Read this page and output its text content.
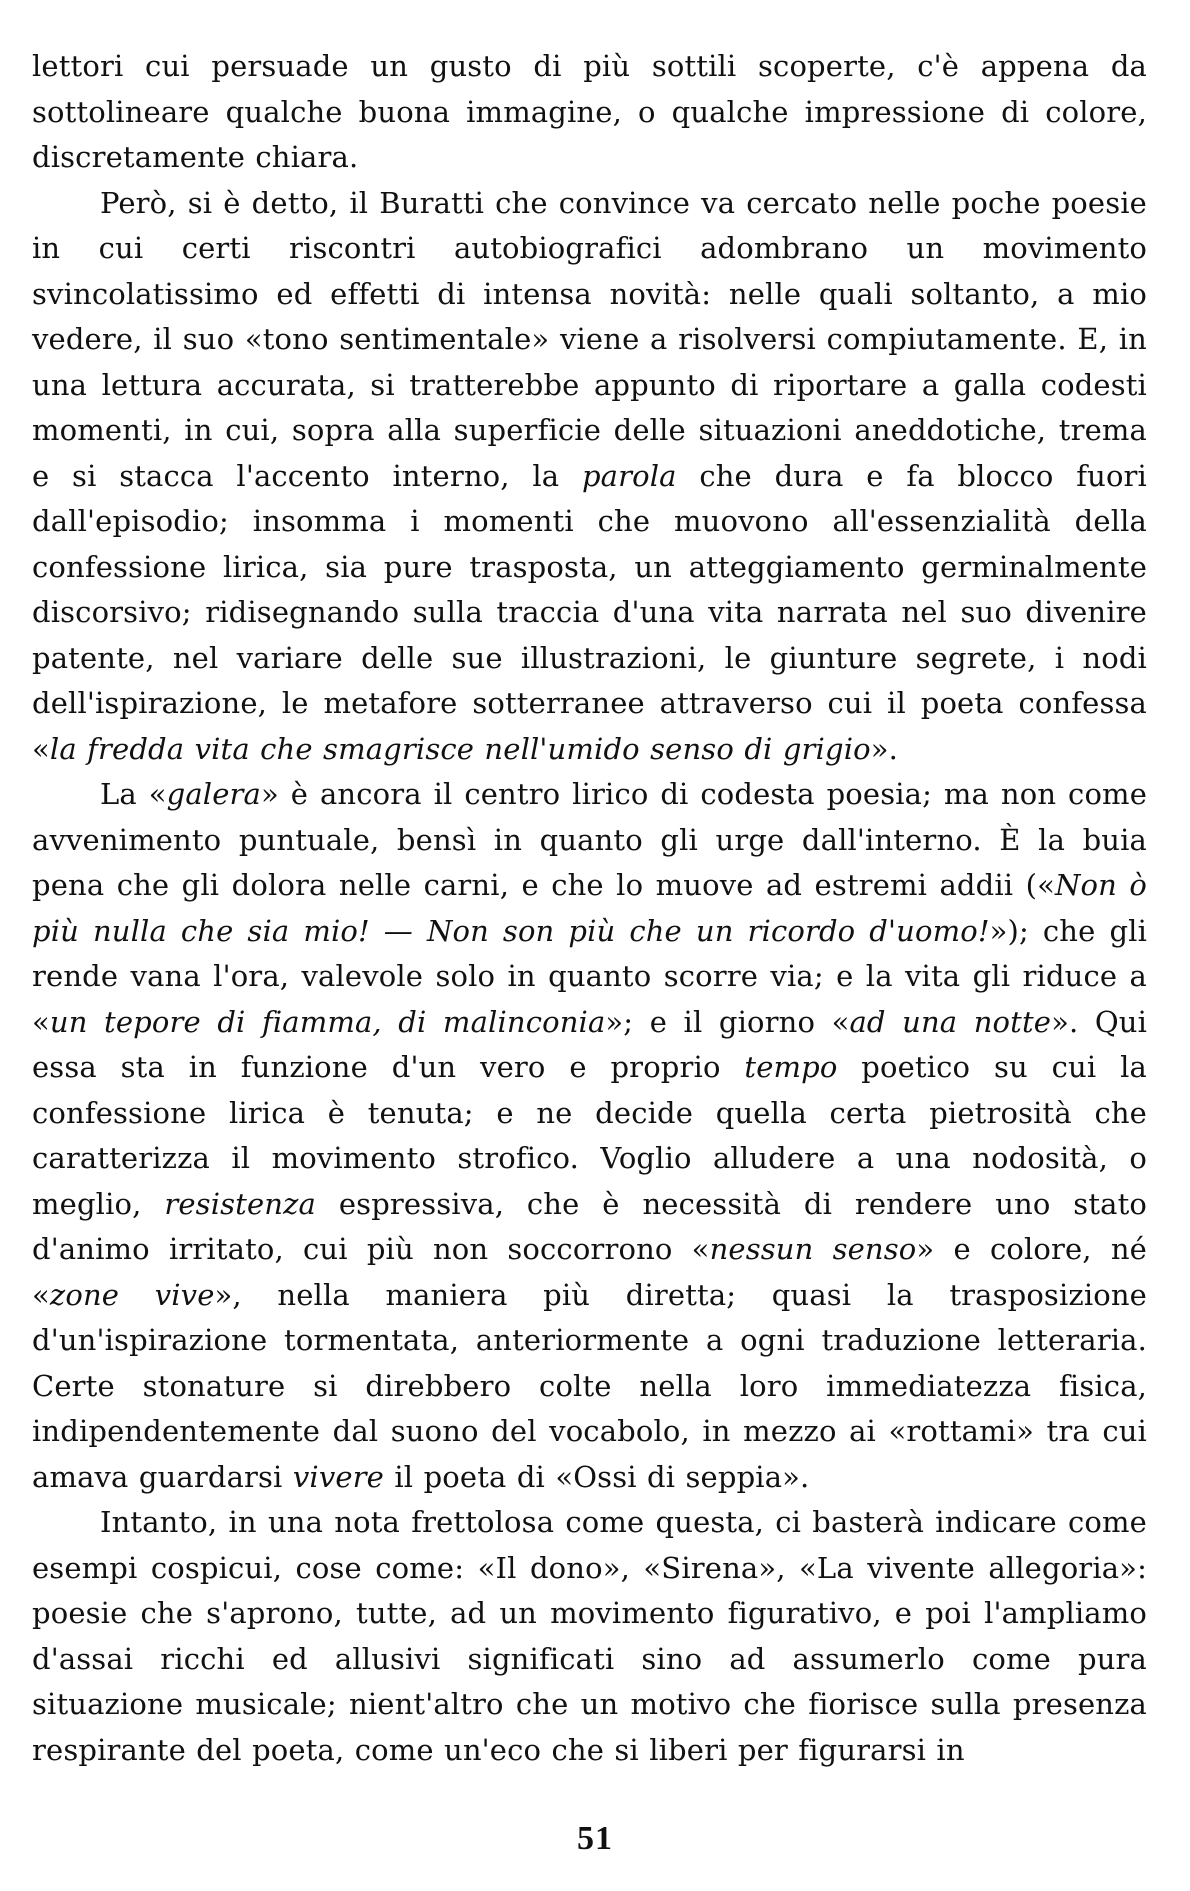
lettori cui persuade un gusto di più sottili scoperte, c'è appena da sottolineare qualche buona immagine, o qualche impressione di colore, discretamente chiara.

Però, si è detto, il Buratti che convince va cercato nelle poche poesie in cui certi riscontri autobiografici adombrano un movimento svincolatissimo ed effetti di intensa novità: nelle quali soltanto, a mio vedere, il suo «tono sentimentale» viene a risolversi compiutamente. E, in una lettura accurata, si tratterebbe appunto di riportare a galla codesti momenti, in cui, sopra alla superficie delle situazioni aneddotiche, trema e si stacca l'accento interno, la parola che dura e fa blocco fuori dall'episodio; insomma i momenti che muovono all'essenzialità della confessione lirica, sia pure trasposta, un atteggiamento germinalmente discorsivo; ridisegnando sulla traccia d'una vita narrata nel suo divenire patente, nel variare delle sue illustrazioni, le giunture segrete, i nodi dell'ispirazione, le metafore sotterranee attraverso cui il poeta confessa «la fredda vita che smagrisce nell'umido senso di grigio».

La «galera» è ancora il centro lirico di codesta poesia; ma non come avvenimento puntuale, bensì in quanto gli urge dall'interno. È la buia pena che gli dolora nelle carni, e che lo muove ad estremi addii («Non ò più nulla che sia mio! — Non son più che un ricordo d'uomo!»); che gli rende vana l'ora, valevole solo in quanto scorre via; e la vita gli riduce a «un tepore di fiamma, di malinconia»; e il giorno «ad una notte». Qui essa sta in funzione d'un vero e proprio tempo poetico su cui la confessione lirica è tenuta; e ne decide quella certa pietrosità che caratterizza il movimento strofico. Voglio alludere a una nodosità, o meglio, resistenza espressiva, che è necessità di rendere uno stato d'animo irritato, cui più non soccorrono «nessun senso» e colore, né «zone vive», nella maniera più diretta; quasi la trasposizione d'un'ispirazione tormentata, anteriormente a ogni traduzione letteraria. Certe stonature si direbbero colte nella loro immediatezza fisica, indipendentemente dal suono del vocabolo, in mezzo ai «rottami» tra cui amava guardarsi vivere il poeta di «Ossi di seppia».

Intanto, in una nota frettolosa come questa, ci basterà indicare come esempi cospicui, cose come: «Il dono», «Sirena», «La vivente allegoria»: poesie che s'aprono, tutte, ad un movimento figurativo, e poi l'ampliamo d'assai ricchi ed allusivi significati sino ad assumerlo come pura situazione musicale; nient'altro che un motivo che fiorisce sulla presenza respirante del poeta, come un'eco che si liberi per figurarsi in

51
